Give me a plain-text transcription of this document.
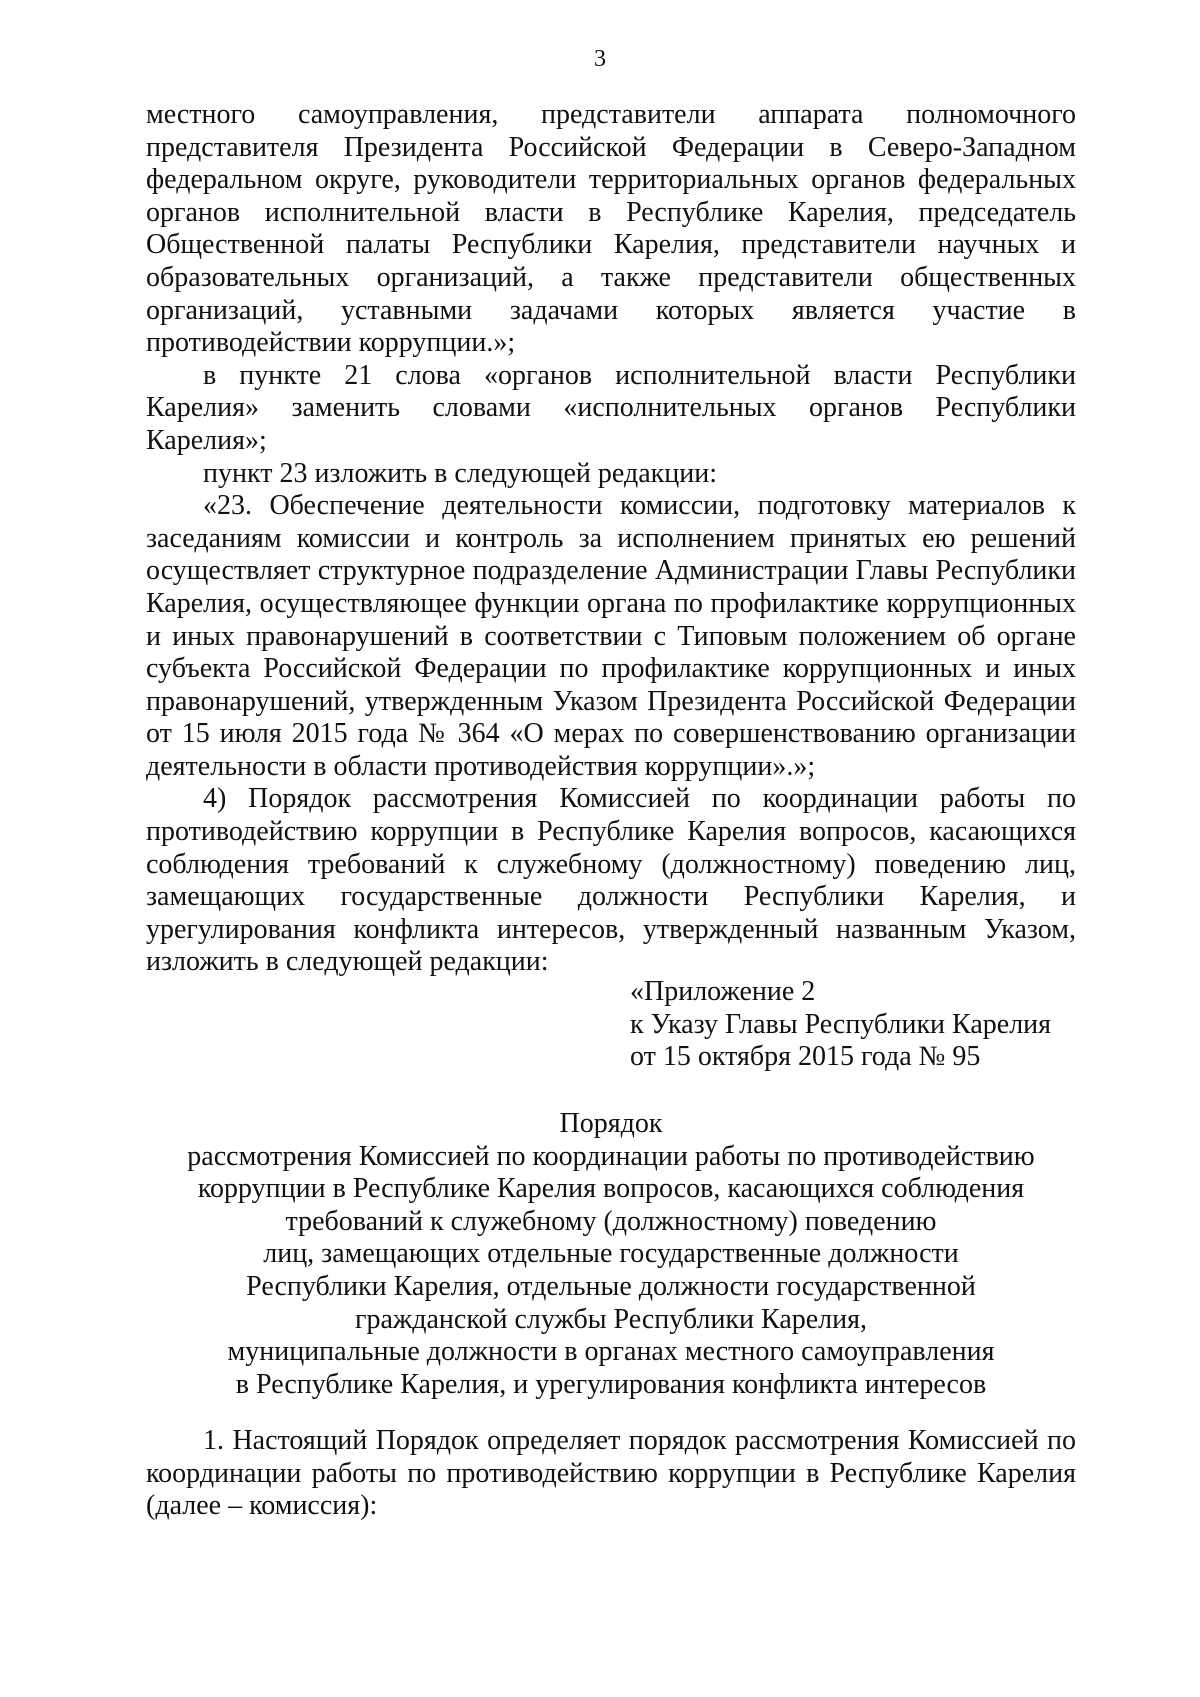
3

местного самоуправления, представители аппарата полномочного представителя Президента Российской Федерации в Северо-Западном федеральном округе, руководители территориальных органов федеральных органов исполнительной власти в Республике Карелия, председатель Общественной палаты Республики Карелия, представители научных и образовательных организаций, а также представители общественных организаций, уставными задачами которых является участие в противодействии коррупции.»;

в пункте 21 слова «органов исполнительной власти Республики Карелия» заменить словами «исполнительных органов Республики Карелия»;

пункт 23 изложить в следующей редакции:

«23. Обеспечение деятельности комиссии, подготовку материалов к заседаниям комиссии и контроль за исполнением принятых ею решений осуществляет структурное подразделение Администрации Главы Республики Карелия, осуществляющее функции органа по профилактике коррупционных и иных правонарушений в соответствии с Типовым положением об органе субъекта Российской Федерации по профилактике коррупционных и иных правонарушений, утвержденным Указом Президента Российской Федерации от 15 июля 2015 года № 364 «О мерах по совершенствованию организации деятельности в области противодействия коррупции».»;

4) Порядок рассмотрения Комиссией по координации работы по противодействию коррупции в Республике Карелия вопросов, касающихся соблюдения требований к служебному (должностному) поведению лиц, замещающих государственные должности Республики Карелия, и урегулирования конфликта интересов, утвержденный названным Указом, изложить в следующей редакции:

«Приложение 2
к Указу Главы Республики Карелия
от 15 октября 2015 года № 95
Порядок
рассмотрения Комиссией по координации работы по противодействию
коррупции в Республике Карелия вопросов, касающихся соблюдения
требований к служебному (должностному) поведению
лиц, замещающих отдельные государственные должности
Республики Карелия, отдельные должности государственной
гражданской службы Республики Карелия,
муниципальные должности в органах местного самоуправления
в Республике Карелия, и урегулирования конфликта интересов

1. Настоящий Порядок определяет порядок рассмотрения Комиссией по координации работы по противодействию коррупции в Республике Карелия (далее – комиссия):
